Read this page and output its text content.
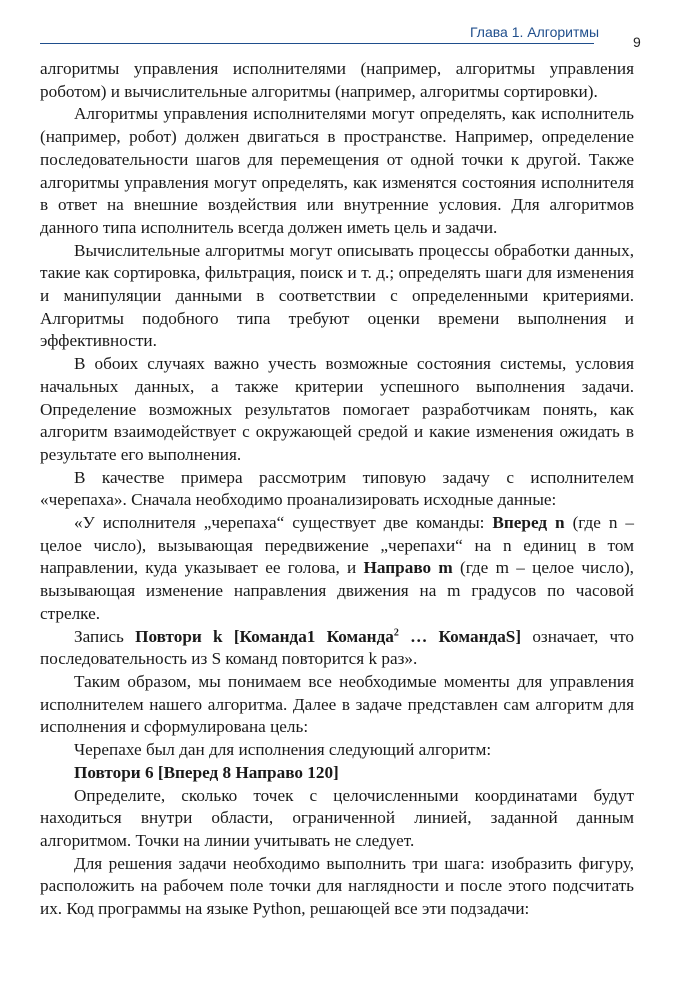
Глава 1. Алгоритмы
9

алгоритмы управления исполнителями (например, алгоритмы управления роботом) и вычислительные алгоритмы (например, алгоритмы сортировки).

Алгоритмы управления исполнителями могут определять, как исполнитель (например, робот) должен двигаться в пространстве. Например, определение последовательности шагов для перемещения от одной точки к другой. Также алгоритмы управления могут определять, как изменятся состояния исполнителя в ответ на внешние воздействия или внутренние условия. Для алгоритмов данного типа исполнитель всегда должен иметь цель и задачи.

Вычислительные алгоритмы могут описывать процессы обработки данных, такие как сортировка, фильтрация, поиск и т. д.; определять шаги для изменения и манипуляции данными в соответствии с определенными критериями. Алгоритмы подобного типа требуют оценки времени выполнения и эффективности.

В обоих случаях важно учесть возможные состояния системы, условия начальных данных, а также критерии успешного выполнения задачи. Определение возможных результатов помогает разработчикам понять, как алгоритм взаимодействует с окружающей средой и какие изменения ожидать в результате его выполнения.

В качестве примера рассмотрим типовую задачу с исполнителем «черепаха». Сначала необходимо проанализировать исходные данные:

«У исполнителя „черепаха“ существует две команды: Вперед n (где n – целое число), вызывающая передвижение „черепахи“ на n единиц в том направлении, куда указывает ее голова, и Направо m (где m – целое число), вызывающая изменение направления движения на m градусов по часовой стрелке.

Запись Повтори k [Команда1 Команда$^2$ … КомандаS] означает, что последовательность из S команд повторится k раз».

Таким образом, мы понимаем все необходимые моменты для управления исполнителем нашего алгоритма. Далее в задаче представлен сам алгоритм для исполнения и сформулирована цель:

Черепахе был дан для исполнения следующий алгоритм:

Повтори 6 [Вперед 8 Направо 120]

Определите, сколько точек с целочисленными координатами будут находиться внутри области, ограниченной линией, заданной данным алгоритмом. Точки на линии учитывать не следует.

Для решения задачи необходимо выполнить три шага: изобразить фигуру, расположить на рабочем поле точки для наглядности и после этого подсчитать их. Код программы на языке Python, решающей все эти подзадачи:
